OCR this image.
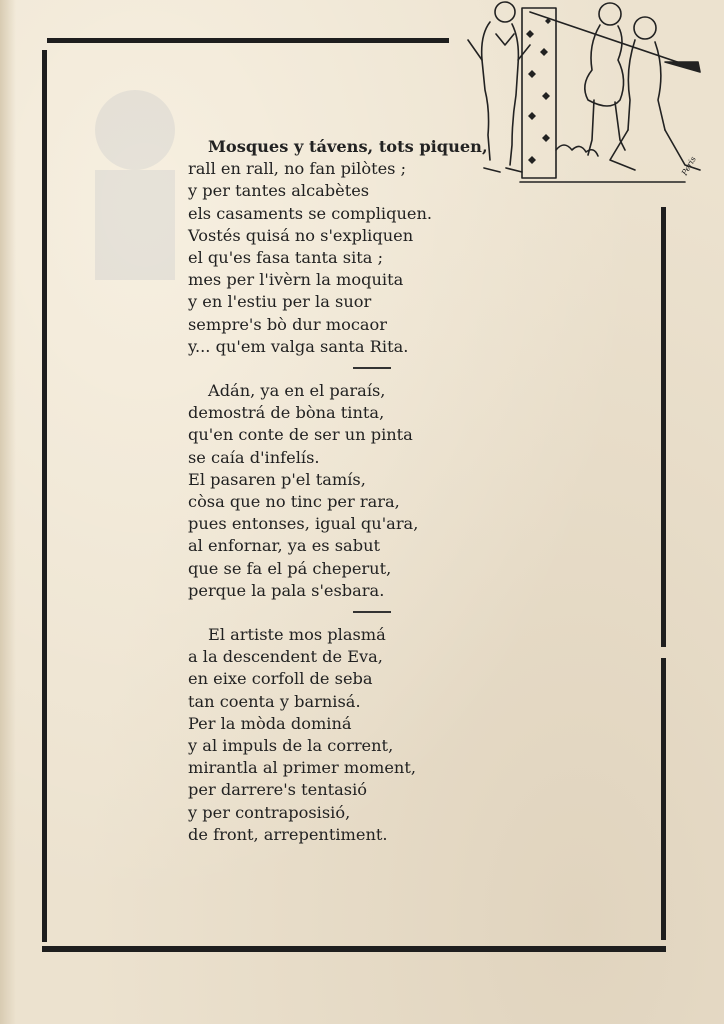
Peris
Mosques y távens, tots piquen,
rall en rall, no fan pilòtes ;
y per tantes alcabètes
els casaments se compliquen.
Vostés quisá no s'expliquen
el qu'es fasa tanta sita ;
mes per l'ivèrn la moquita
y en l'estiu per la suor
sempre's bò dur mocaor
y... qu'em valga santa Rita.
Adán, ya en el paraís,
demostrá de bòna tinta,
qu'en conte de ser un pinta
se caía d'infelís.
El pasaren p'el tamís,
còsa que no tinc per rara,
pues entonses, igual qu'ara,
al enfornar, ya es sabut
que se fa el pá cheperut,
perque la pala s'esbara.
El artiste mos plasmá
a la descendent de Eva,
en eixe corfoll de seba
tan coenta y barnisá.
Per la mòda dominá
y al impuls de la corrent,
mirantla al primer moment,
per darrere's tentasió
y per contraposisió,
de front, arrepentiment.
